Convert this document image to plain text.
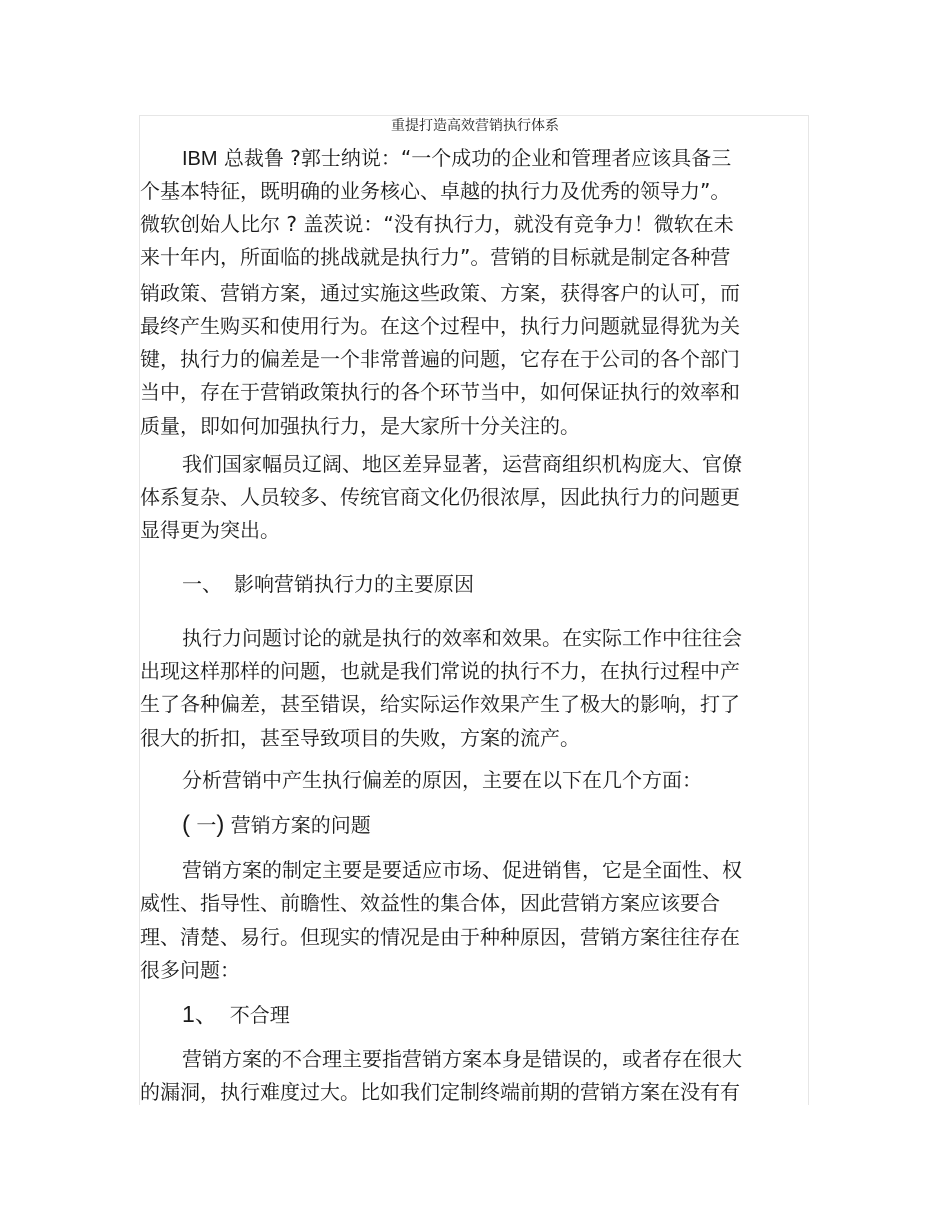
重提打造高效营销执行体系
IBM 总裁鲁 ?郭士纳说：“一个成功的企业和管理者应该具备三
个基本特征，既明确的业务核心、卓越的执行力及优秀的领导力”。
微软创始人比尔 ? 盖茨说：“没有执行力，就没有竞争力！微软在未
来十年内，所面临的挑战就是执行力”。营销的目标就是制定各种营
销政策、营销方案，通过实施这些政策、方案，获得客户的认可，而
最终产生购买和使用行为。在这个过程中，执行力问题就显得犹为关
键，执行力的偏差是一个非常普遍的问题，它存在于公司的各个部门
当中，存在于营销政策执行的各个环节当中，如何保证执行的效率和
质量，即如何加强执行力，是大家所十分关注的。
我们国家幅员辽阔、地区差异显著，运营商组织机构庞大、官僚
体系复杂、人员较多、传统官商文化仍很浓厚，因此执行力的问题更
显得更为突出。
一、 影响营销执行力的主要原因
执行力问题讨论的就是执行的效率和效果。在实际工作中往往会
出现这样那样的问题，也就是我们常说的执行不力，在执行过程中产
生了各种偏差，甚至错误，给实际运作效果产生了极大的影响，打了
很大的折扣，甚至导致项目的失败，方案的流产。
分析营销中产生执行偏差的原因，主要在以下在几个方面：
( 一) 营销方案的问题
营销方案的制定主要是要适应市场、促进销售，它是全面性、权
威性、指导性、前瞻性、效益性的集合体，因此营销方案应该要合
理、清楚、易行。但现实的情况是由于种种原因，营销方案往往存在
很多问题：
1、 不合理
营销方案的不合理主要指营销方案本身是错误的，或者存在很大
的漏洞，执行难度过大。比如我们定制终端前期的营销方案在没有有
